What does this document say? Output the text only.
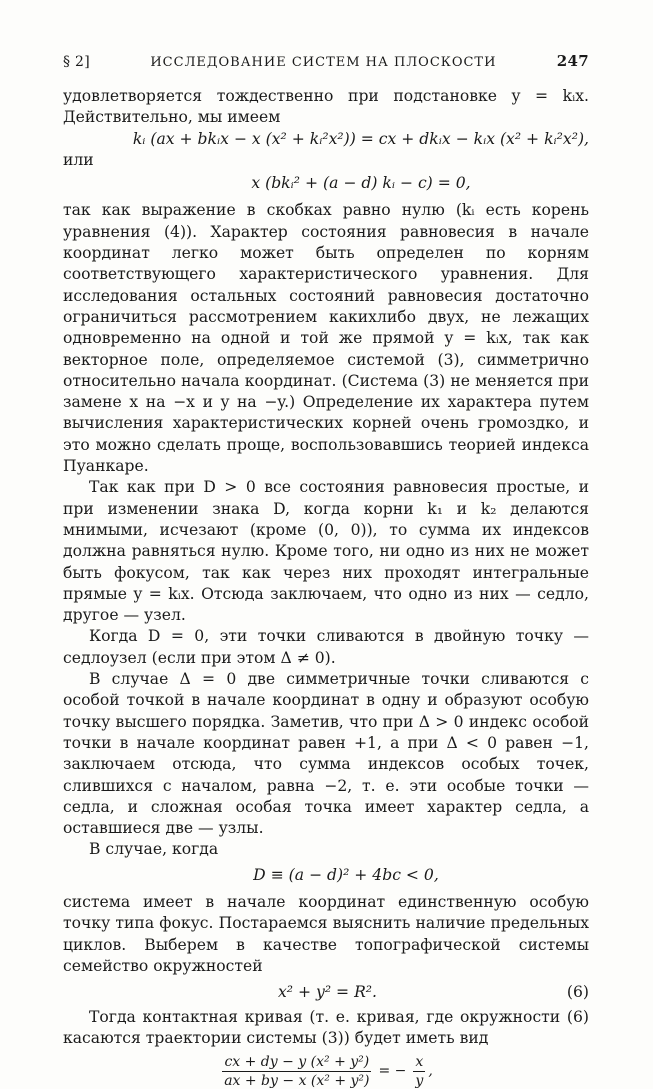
§ 2]	ИССЛЕДОВАНИЕ СИСТЕМ НА ПЛОСКОСТИ	247

удовлетворяется тождественно при подстановке y = kᵢx. Действительно, мы имеем

kᵢ (ax + bkᵢx − x (x² + kᵢ²x²)) = cx + dkᵢx − kᵢx (x² + kᵢ²x²),

или

x (bkᵢ² + (a − d) kᵢ − c) = 0,

так как выражение в скобках равно нулю (kᵢ есть корень уравнения (4)). Характер состояния равновесия в начале координат легко может быть определен по корням соответствующего характеристического уравнения. Для исследования остальных состояний равновесия достаточно ограничиться рассмотрением какихлибо двух, не лежащих одновременно на одной и той же прямой y = kᵢx, так как векторное поле, определяемое системой (3), симметрично относительно начала координат. (Система (3) не меняется при замене x на −x и y на −y.) Определение их характера путем вычисления характеристических корней очень громоздко, и это можно сделать проще, воспользовавшись теорией индекса Пуанкаре.

Так как при D > 0 все состояния равновесия простые, и при изменении знака D, когда корни k₁ и k₂ делаются мнимыми, исчезают (кроме (0, 0)), то сумма их индексов должна равняться нулю. Кроме того, ни одно из них не может быть фокусом, так как через них проходят интегральные прямые y = kᵢx. Отсюда заключаем, что одно из них — седло, другое — узел.

Когда D = 0, эти точки сливаются в двойную точку — седлоузел (если при этом Δ ≠ 0).

В случае Δ = 0 две симметричные точки сливаются с особой точкой в начале координат в одну и образуют особую точку высшего порядка. Заметив, что при Δ > 0 индекс особой точки в начале координат равен +1, а при Δ < 0 равен −1, заключаем отсюда, что сумма индексов особых точек, слившихся с началом, равна −2, т. е. эти особые точки — седла, и сложная особая точка имеет характер седла, а оставшиеся две — узлы.

В случае, когда

D ≡ (a − d)² + 4bc < 0,

система имеет в начале координат единственную особую точку типа фокус. Постараемся выяснить наличие предельных циклов. Выберем в качестве топографической системы семейство окружностей

x² + y² = R².	(6)

Тогда контактная кривая (т. е. кривая, где окружности (6) касаются траектории системы (3)) будет иметь вид

$\frac{\text{cx + dy − y (x² + y²)}}{\text{ax + by − x (x² + y²)}}$ = − $\frac{x}{y}$ ,
